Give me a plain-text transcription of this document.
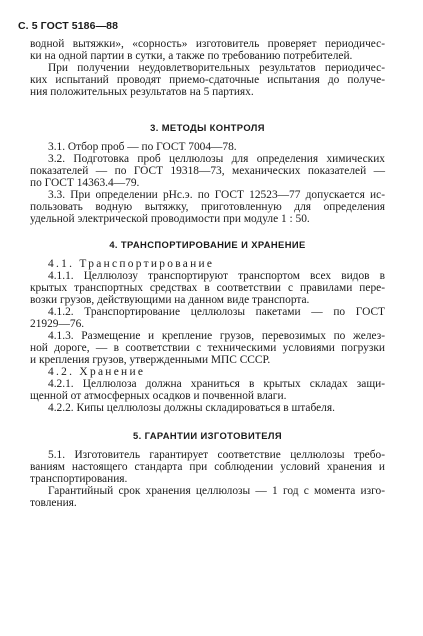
С. 5 ГОСТ 5186—88
водной вытяжки», «сорность» изготовитель проверяет периодичес-
ки на одной партии в сутки, а также по требованию потребителей.
При получении неудовлетворительных результатов периодичес-
ких испытаний проводят приемо-сдаточные испытания до получе-
ния положительных результатов на 5 партиях.
3. МЕТОДЫ КОНТРОЛЯ
3.1. Отбор проб — по ГОСТ 7004—78.
3.2. Подготовка проб целлюлозы для определения химических
показателей — по ГОСТ 19318—73, механических показателей —
по ГОСТ 14363.4—79.
3.3. При определении рНс.э. по ГОСТ 12523—77 допускается ис-
пользовать водную вытяжку, приготовленную для определения
удельной электрической проводимости при модуле 1 : 50.
4. ТРАНСПОРТИРОВАНИЕ И ХРАНЕНИЕ
4.1. Транспортирование
4.1.1. Целлюлозу транспортируют транспортом всех видов в
крытых транспортных средствах в соответствии с правилами пере-
возки грузов, действующими на данном виде транспорта.
4.1.2. Транспортирование целлюлозы пакетами — по ГОСТ
21929—76.
4.1.3. Размещение и крепление грузов, перевозимых по желез-
ной дороге, — в соответствии с техническими условиями погрузки
и крепления грузов, утвержденными МПС СССР.
4.2. Хранение
4.2.1. Целлюлоза должна храниться в крытых складах защи-
щенной от атмосферных осадков и почвенной влаги.
4.2.2. Кипы целлюлозы должны складироваться в штабеля.
5. ГАРАНТИИ ИЗГОТОВИТЕЛЯ
5.1. Изготовитель гарантирует соответствие целлюлозы требо-
ваниям настоящего стандарта при соблюдении условий хранения и
транспортирования.
Гарантийный срок хранения целлюлозы — 1 год с момента изго-
товления.
